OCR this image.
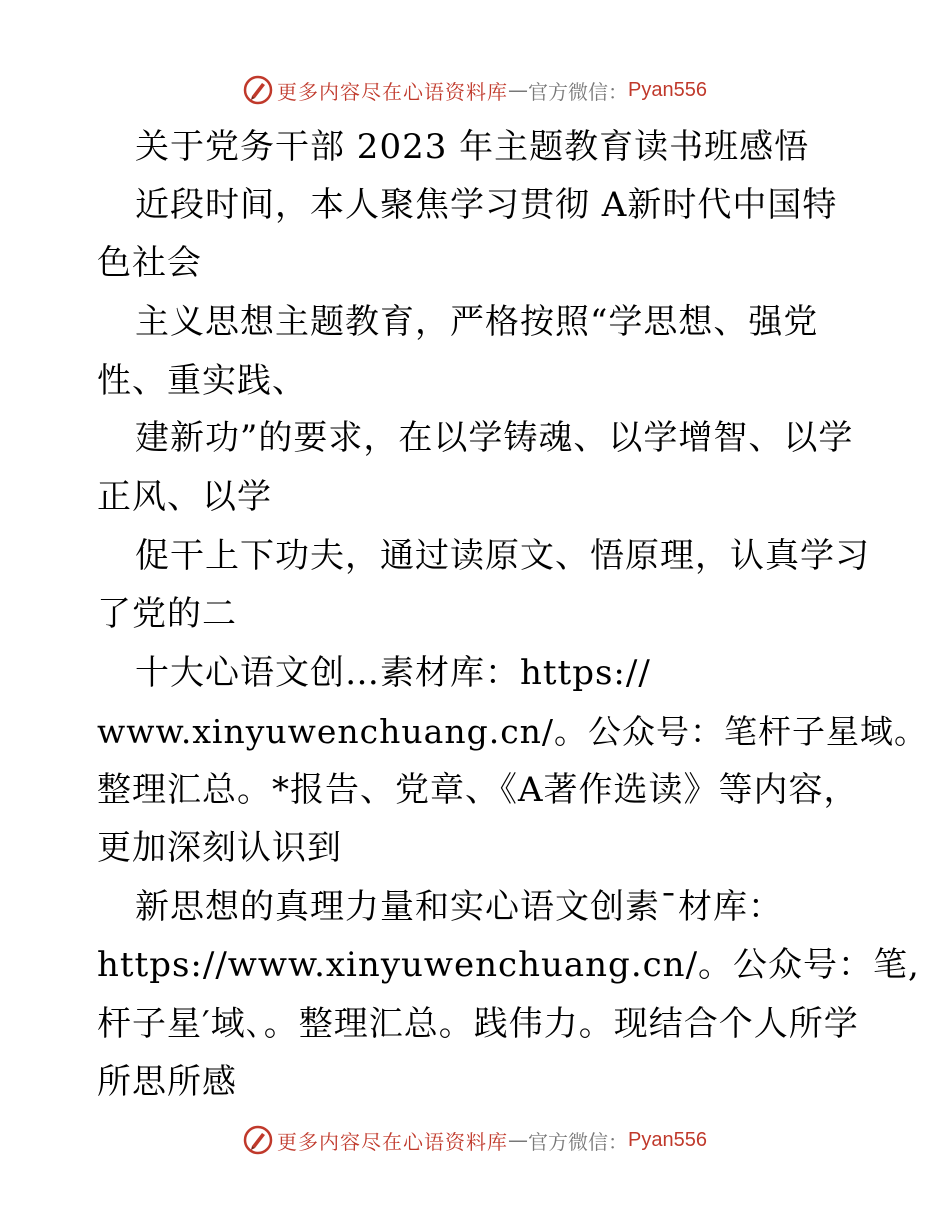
更多内容尽在心语资料库 — 官方微信： Pyan556
关于党务干部 2023 年主题教育读书班感悟
近段时间，本人聚焦学习贯彻 A新时代中国特
色社会
主义思想主题教育，严格按照“学思想、强党
性、重实践、
建新功”的要求，在以学铸魂、以学增智、以学
正风、以学
促干上下功夫，通过读原文、悟原理，认真学习
了党的二
十大心语文创…素材库：https://
www.xinyuwenchuang.cn/。公众号：笔杆子星域。
整理汇总。*报告、党章、《A著作选读》等内容，
更加深刻认识到
新思想的真理力量和实心语文创素¯材库：
https://www.xinyuwenchuang.cn/。公众号：笔,
杆子星′域､。整理汇总。践伟力。现结合个人所学
所思所感
更多内容尽在心语资料库 — 官方微信： Pyan556
